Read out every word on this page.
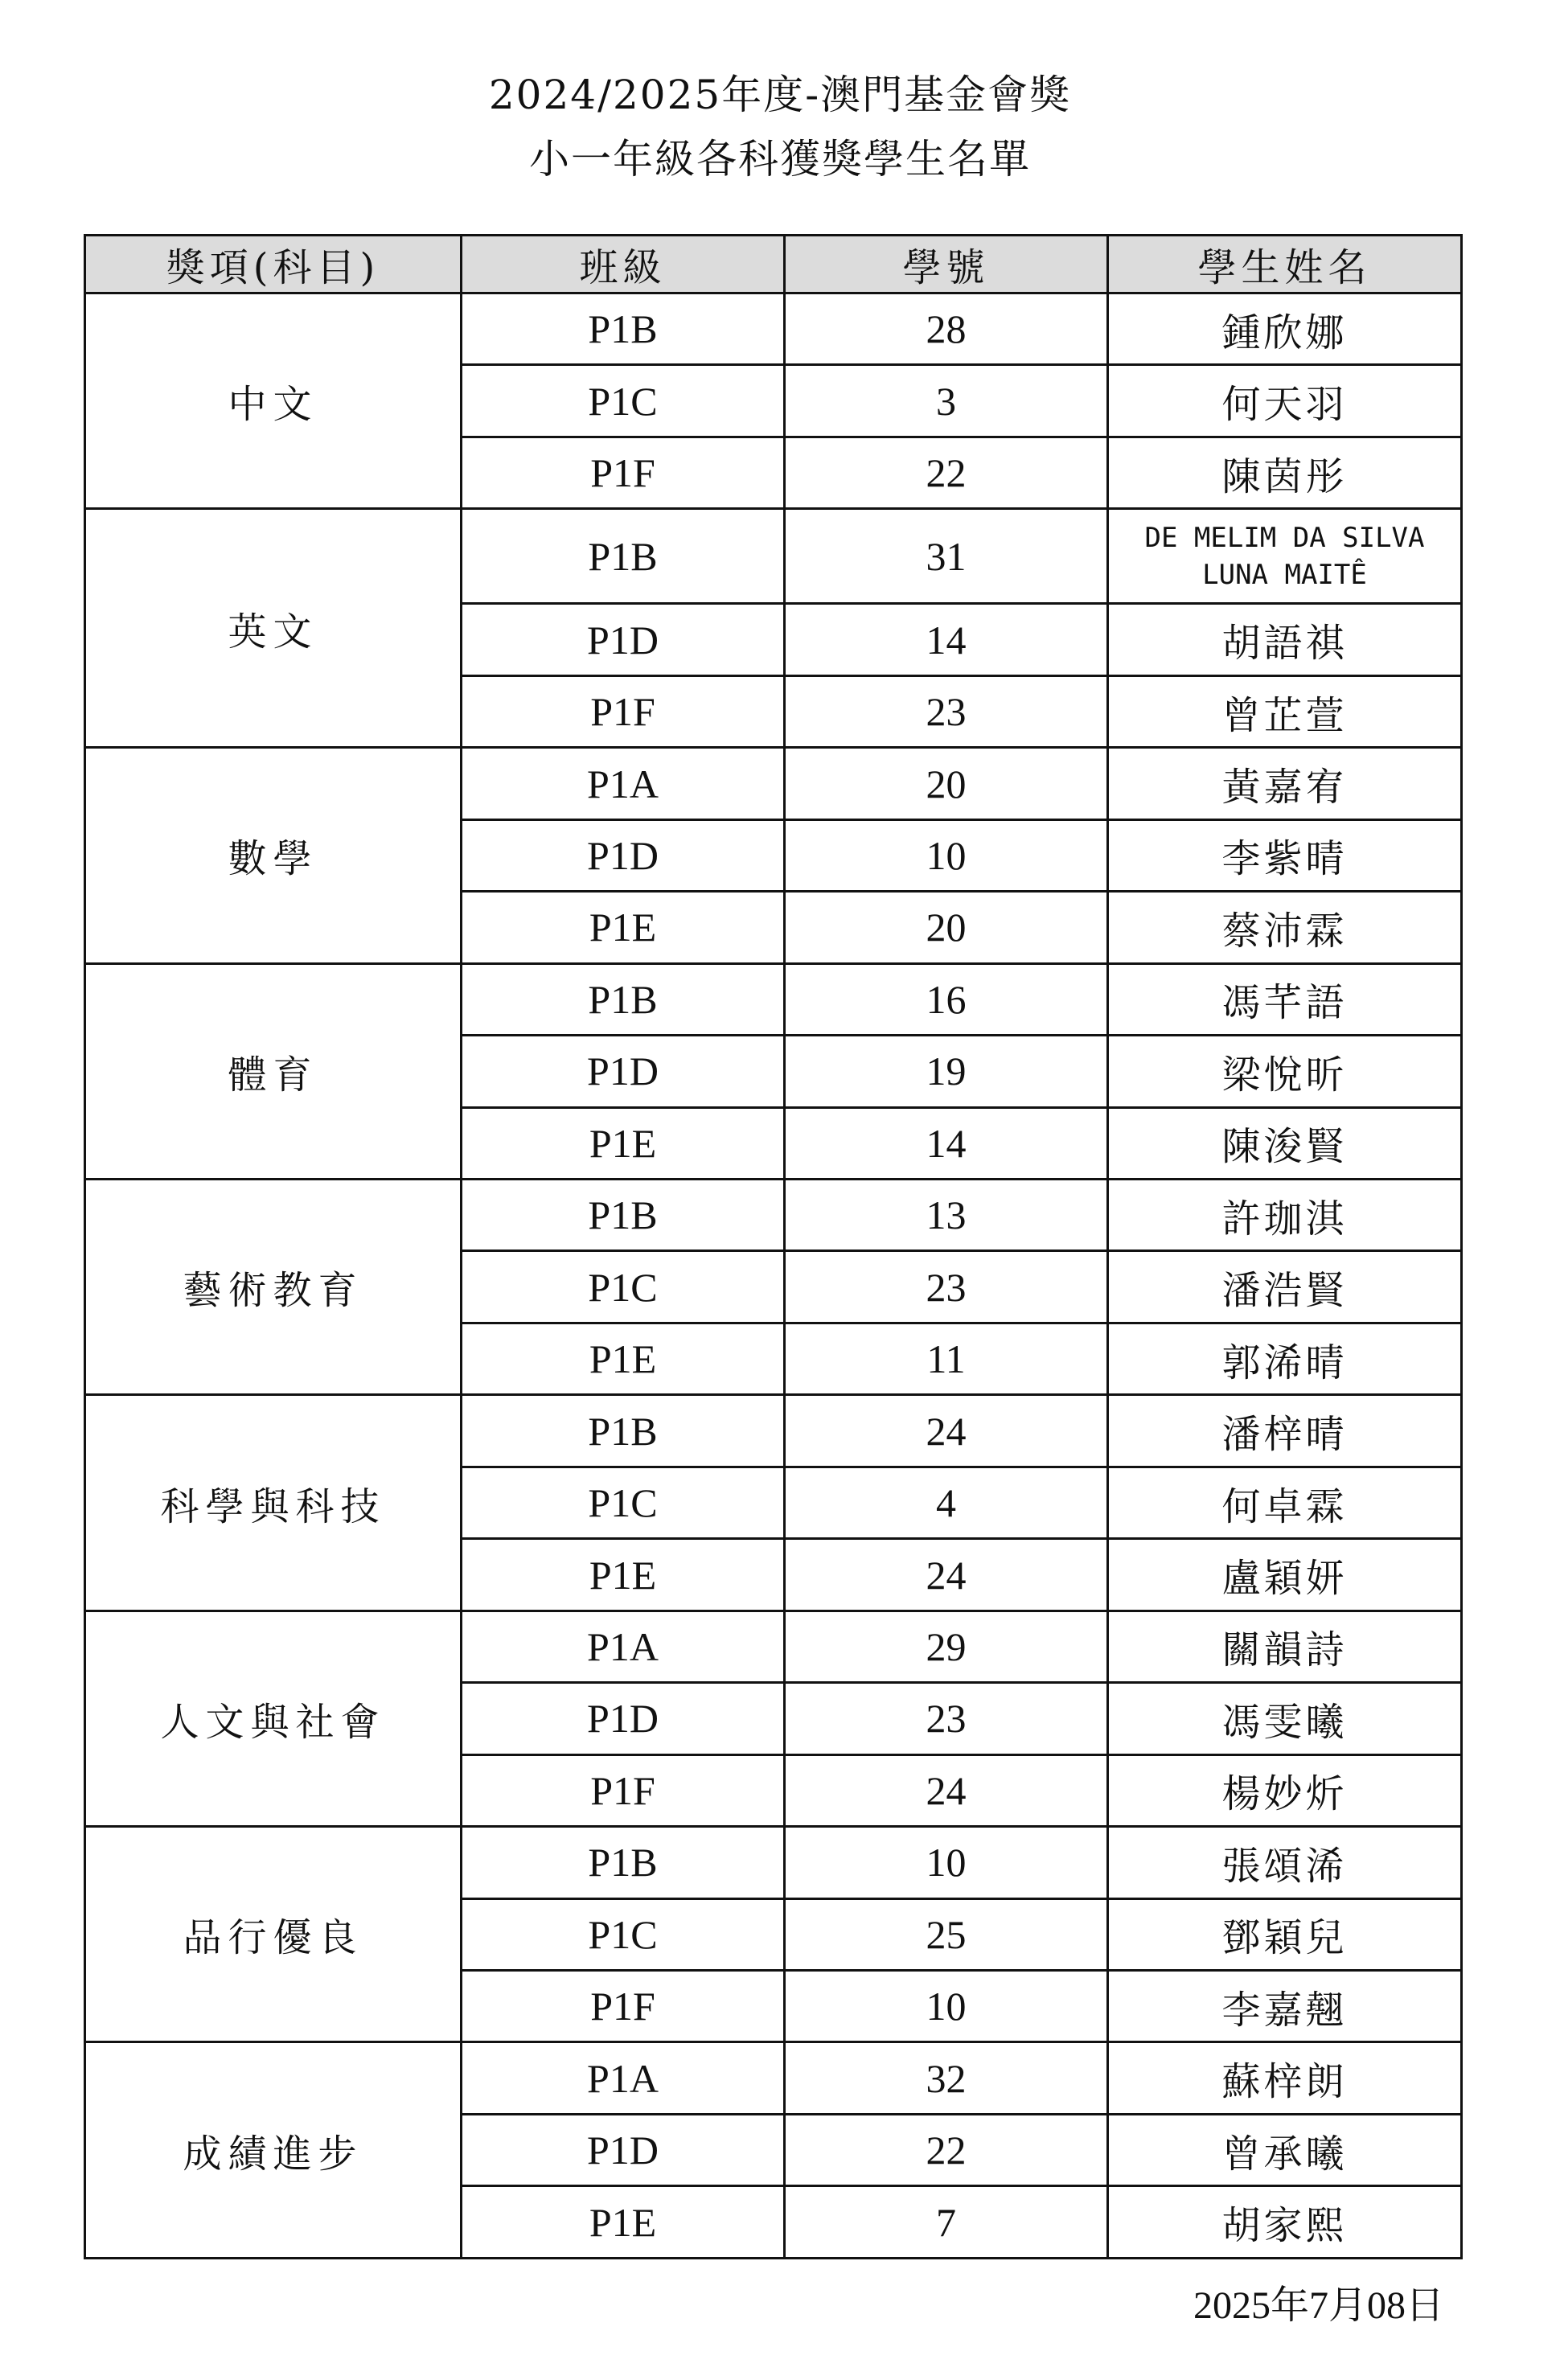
2024/2025年度-澳門基金會獎
小一年級各科獲獎學生名單
獎項(科目)	班級	學號	學生姓名
中文	P1B	28	鍾欣娜
	P1C	3	何天羽
	P1F	22	陳茵彤
英文	P1B	31	DE MELIM DA SILVA
LUNA MAITÊ

	P1D	14	胡語祺
	P1F	23	曾芷萱
數學	P1A	20	黃嘉宥
	P1D	10	李紫晴
	P1E	20	蔡沛霖
體育	P1B	16	馮芊語
	P1D	19	梁悅昕
	P1E	14	陳浚賢
藝術教育	P1B	13	許珈淇
	P1C	23	潘浩賢
	P1E	11	郭浠晴
科學與科技	P1B	24	潘梓晴
	P1C	4	何卓霖
	P1E	24	盧穎妍
人文與社會	P1A	29	關韻詩
	P1D	23	馮雯曦
	P1F	24	楊妙炘
品行優良	P1B	10	張頌浠
	P1C	25	鄧穎兒
	P1F	10	李嘉翹
成績進步	P1A	32	蘇梓朗
	P1D	22	曾承曦
	P1E	7	胡家熙
2025年7月08日
